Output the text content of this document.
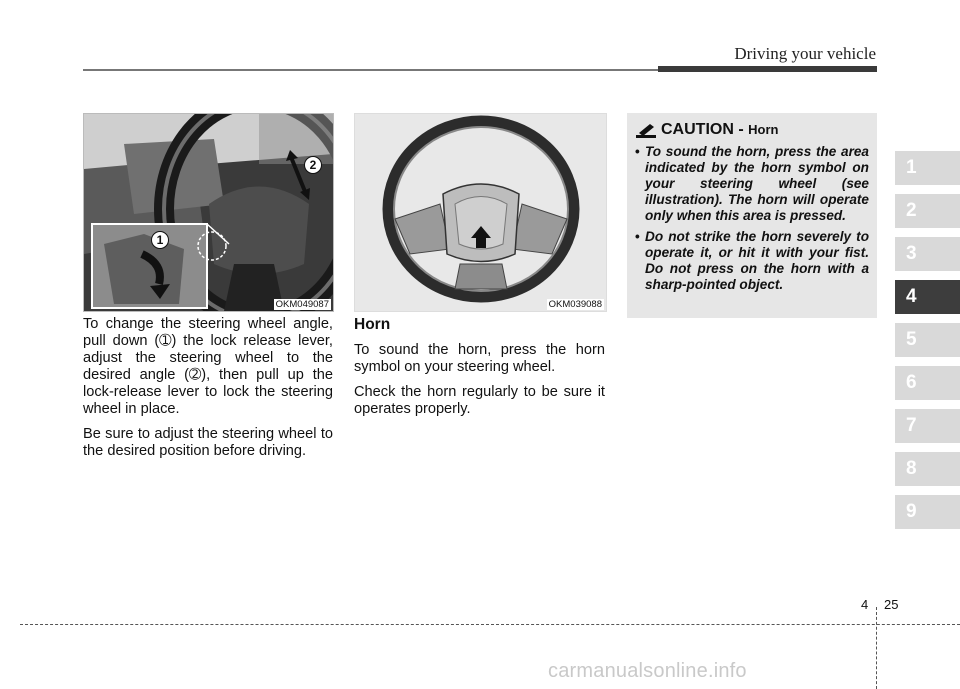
Driving your vehicle
1
2
OKM049087	OKM039088

To change the steering wheel angle, pull down (➀) the lock release lever, adjust the steering wheel to the desired angle (➁), then pull up the lock-release lever to lock the steering wheel in place.

Be sure to adjust the steering wheel to the desired position before driving.

Horn

To sound the horn, press the horn symbol on your steering wheel.

Check the horn regularly to be sure it operates properly.

CAUTION - Horn
• To sound the horn, press the area indicated by the horn symbol on your steering wheel (see illustration). The horn will operate only when this area is pressed.
• Do not strike the horn severely to operate it, or hit it with your fist. Do not press on the horn with a sharp-pointed object.
1
2
3
4
5
6
7
8
9
4 25
carmanualsonline.info
